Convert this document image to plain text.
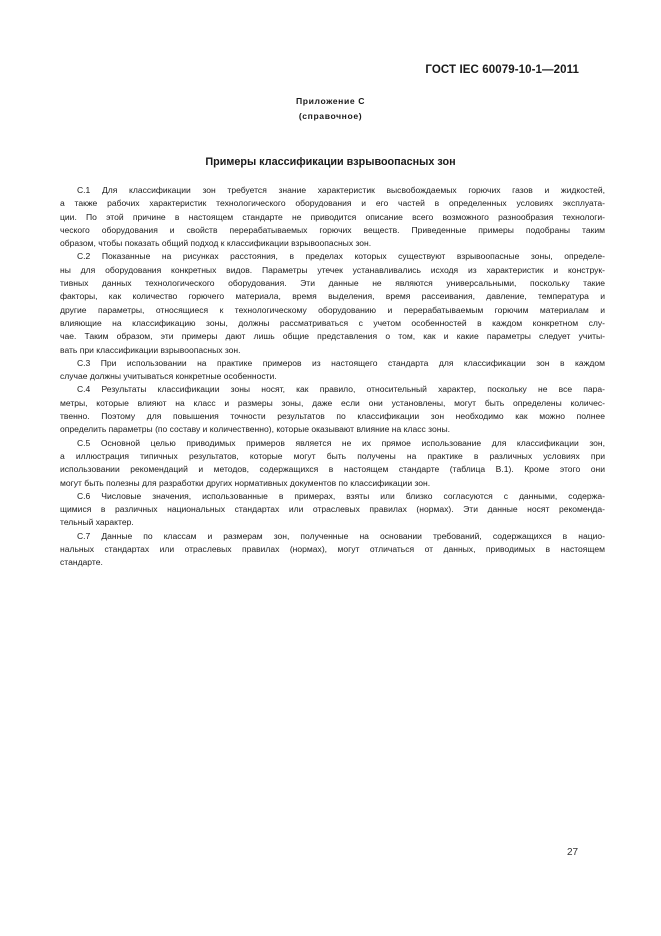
ГОСТ IEC 60079-10-1—2011
Приложение С
(справочное)
Примеры классификации взрывоопасных зон
С.1 Для классификации зон требуется знание характеристик высвобождаемых горючих газов и жидкостей,
а также рабочих характеристик технологического оборудования и его частей в определенных условиях эксплуата-
ции. По этой причине в настоящем стандарте не приводится описание всего возможного разнообразия технологи-
ческого оборудования и свойств перерабатываемых горючих веществ. Приведенные примеры подобраны таким
образом, чтобы показать общий подход к классификации взрывоопасных зон.
С.2 Показанные на рисунках расстояния, в пределах которых существуют взрывоопасные зоны, определе-
ны для оборудования конкретных видов. Параметры утечек устанавливались исходя из характеристик и конструк-
тивных данных технологического оборудования. Эти данные не являются универсальными, поскольку такие
факторы, как количество горючего материала, время выделения, время рассеивания, давление, температура и
другие параметры, относящиеся к технологическому оборудованию и перерабатываемым горючим материалам и
влияющие на классификацию зоны, должны рассматриваться с учетом особенностей в каждом конкретном слу-
чае. Таким образом, эти примеры дают лишь общие представления о том, как и какие параметры следует учиты-
вать при классификации взрывоопасных зон.
С.3 При использовании на практике примеров из настоящего стандарта для классификации зон в каждом
случае должны учитываться конкретные особенности.
С.4 Результаты классификации зоны носят, как правило, относительный характер, поскольку не все пара-
метры, которые влияют на класс и размеры зоны, даже если они установлены, могут быть определены количес-
твенно. Поэтому для повышения точности результатов по классификации зон необходимо как можно полнее
определить параметры (по составу и количественно), которые оказывают влияние на класс зоны.
С.5 Основной целью приводимых примеров является не их прямое использование для классификации зон,
а иллюстрация типичных результатов, которые могут быть получены на практике в различных условиях при
использовании рекомендаций и методов, содержащихся в настоящем стандарте (таблица В.1). Кроме этого они
могут быть полезны для разработки других нормативных документов по классификации зон.
С.6 Числовые значения, использованные в примерах, взяты или близко согласуются с данными, содержа-
щимися в различных национальных стандартах или отраслевых правилах (нормах). Эти данные носят рекоменда-
тельный характер.
С.7 Данные по классам и размерам зон, полученные на основании требований, содержащихся в нацио-
нальных стандартах или отраслевых правилах (нормах), могут отличаться от данных, приводимых в настоящем
стандарте.
27
